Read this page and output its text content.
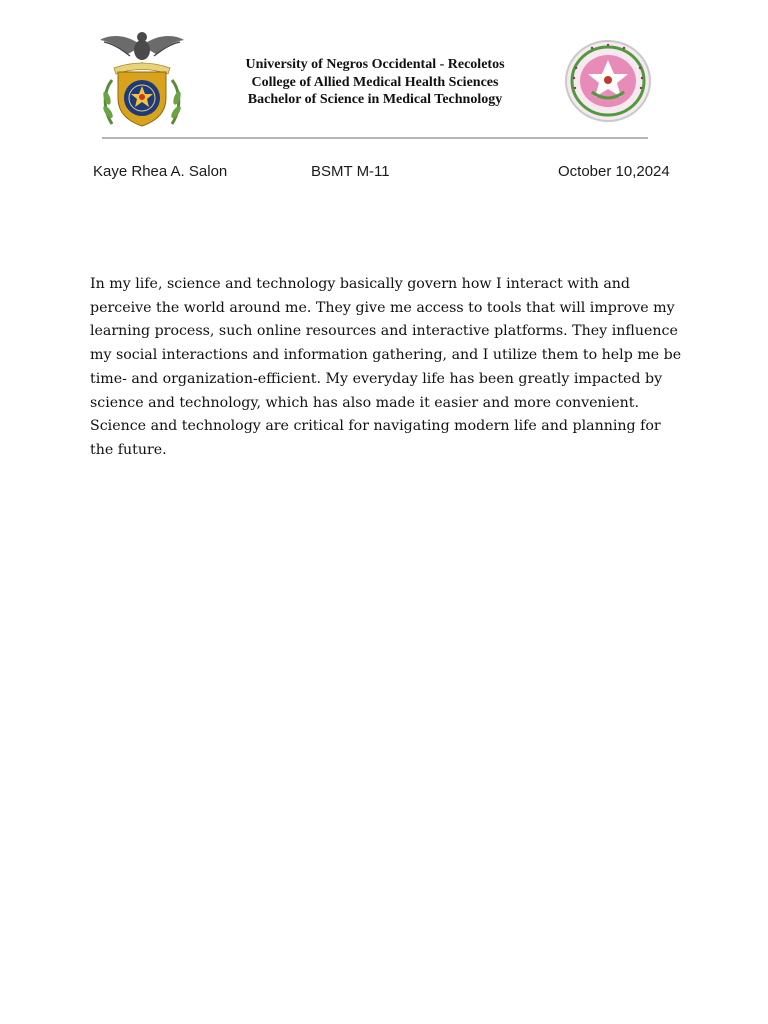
University of Negros Occidental - Recoletos
College of Allied Medical Health Sciences
Bachelor of Science in Medical Technology
Kaye Rhea A. Salon	BSMT M-11	October 10,2024

In my life, science and technology basically govern how I interact with and
perceive the world around me. They give me access to tools that will improve my
learning process, such online resources and interactive platforms. They influence
my social interactions and information gathering, and I utilize them to help me be
time- and organization-efficient. My everyday life has been greatly impacted by
science and technology, which has also made it easier and more convenient.
Science and technology are critical for navigating modern life and planning for
the future.
